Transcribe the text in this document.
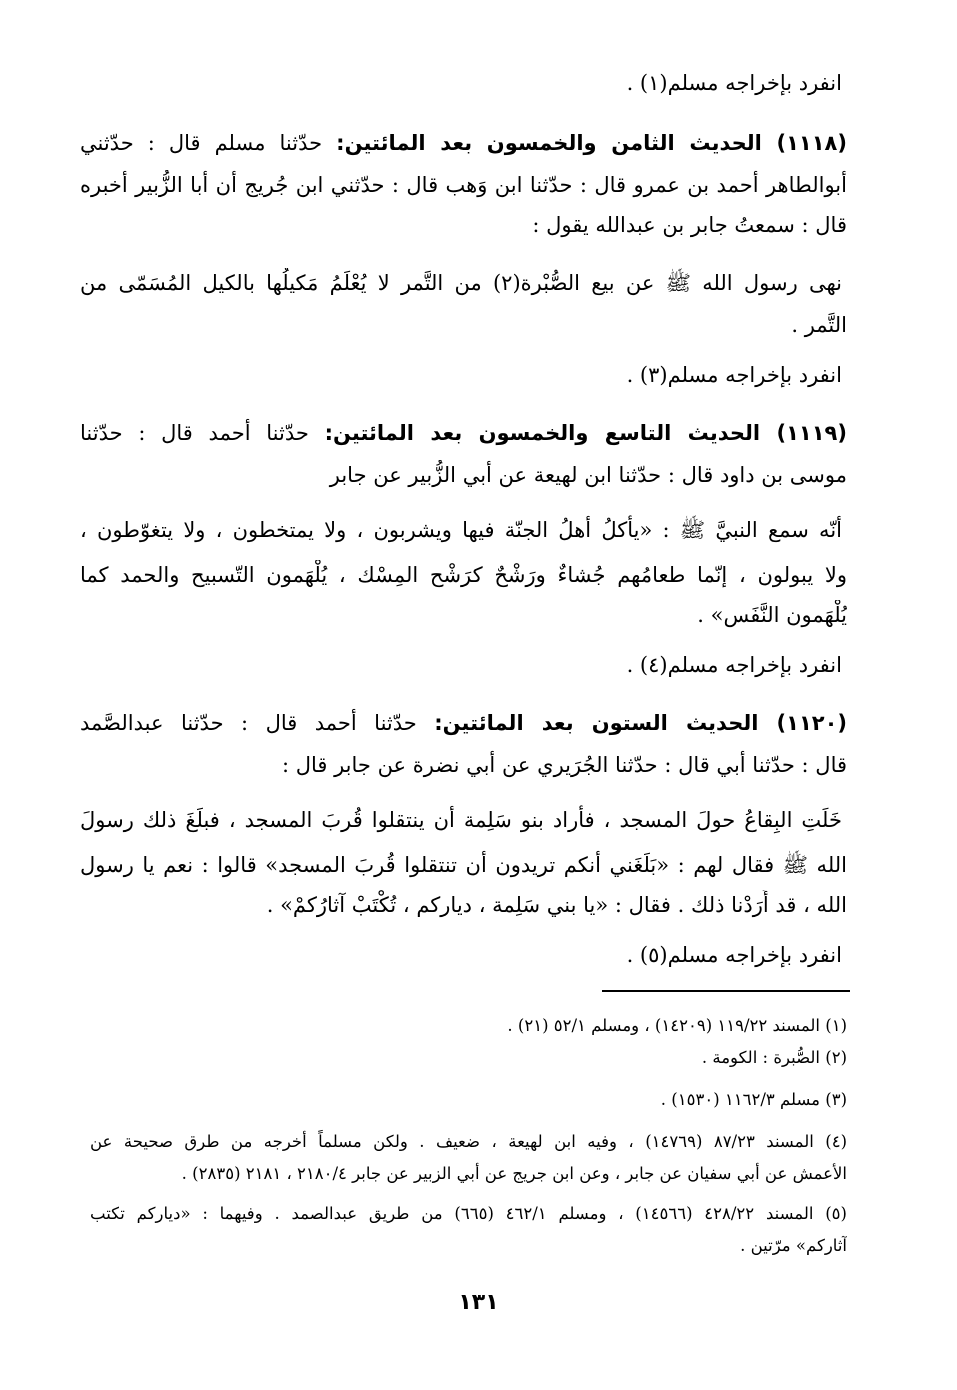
انفرد بإخراجه مسلم(١) .
(١١١٨) الحديث الثامن والخمسون بعد المائتين: حدّثنا مسلم قال : حدّثني
أبوالطاهر أحمد بن عمرو قال : حدّثنا ابن وَهب قال : حدّثني ابن جُريج أن أبا الزُّبير أخبره
قال : سمعتُ جابر بن عبدالله يقول :
نهى رسول الله ﷺ عن بيع الصُّبْرة(٢) من التَّمر لا يُعْلَمُ مَكيلُها بالكيل المُسَمّى من
التَّمر .
انفرد بإخراجه مسلم(٣) .
(١١١٩) الحديث التاسع والخمسون بعد المائتين: حدّثنا أحمد قال : حدّثنا
موسى بن داود قال : حدّثنا ابن لهيعة عن أبي الزُّبير عن جابر
أنّه سمع النبيَّ ﷺ : «يأكلُ أهلُ الجنّة فيها ويشربون ، ولا يمتخطون ، ولا يتغوّطون ،
ولا يبولون ، إنّما طعامُهم جُشاءٌ ورَشْحٌ كرَشْح المِسْك ، يُلْهَمون التّسبيح والحمد كما
يُلْهَمون النَّفَس» .
انفرد بإخراجه مسلم(٤) .
(١١٢٠) الحديث الستون بعد المائتين: حدّثنا أحمد قال : حدّثنا عبدالصَّمد
قال : حدّثنا أبي قال : حدّثنا الجُرَيري عن أبي نضرة عن جابر قال :
خَلَتِ البِقاعُ حولَ المسجد ، فأراد بنو سَلِمة أن ينتقلوا قُربَ المسجد ، فبلَغَ ذلك رسولَ
الله ﷺ فقال لهم : «بَلَغَني أنكم تريدون أن تنتقلوا قُربَ المسجد» قالوا : نعم يا رسول
الله ، قد أَرَدْنا ذلك . فقال : «يا بني سَلِمة ، دياركم ، تُكْتَبْ آثارُكمْ» .
انفرد بإخراجه مسلم(٥) .
(١) المسند ١١٩/٢٢ (١٤٢٠٩) ، ومسلم ٥٢/١ (٢١) .
(٢) الصُّبرة : الكومة .
(٣) مسلم ١١٦٢/٣ (١٥٣٠) .
(٤) المسند ٨٧/٢٣ (١٤٧٦٩) ، وفيه ابن لهيعة ، ضعيف . ولكن مسلماً أخرجه من طرق صحيحة عن
الأعمش عن أبي سفيان عن جابر ، وعن ابن جريج عن أبي الزبير عن جابر ٢١٨٠/٤ ، ٢١٨١ (٢٨٣٥) .
(٥) المسند ٤٢٨/٢٢ (١٤٥٦٦) ، ومسلم ٤٦٢/١ (٦٦٥) من طريق عبدالصمد . وفيهما : «دياركم تكتب
آثاركم» مرّتين .
١٣١
